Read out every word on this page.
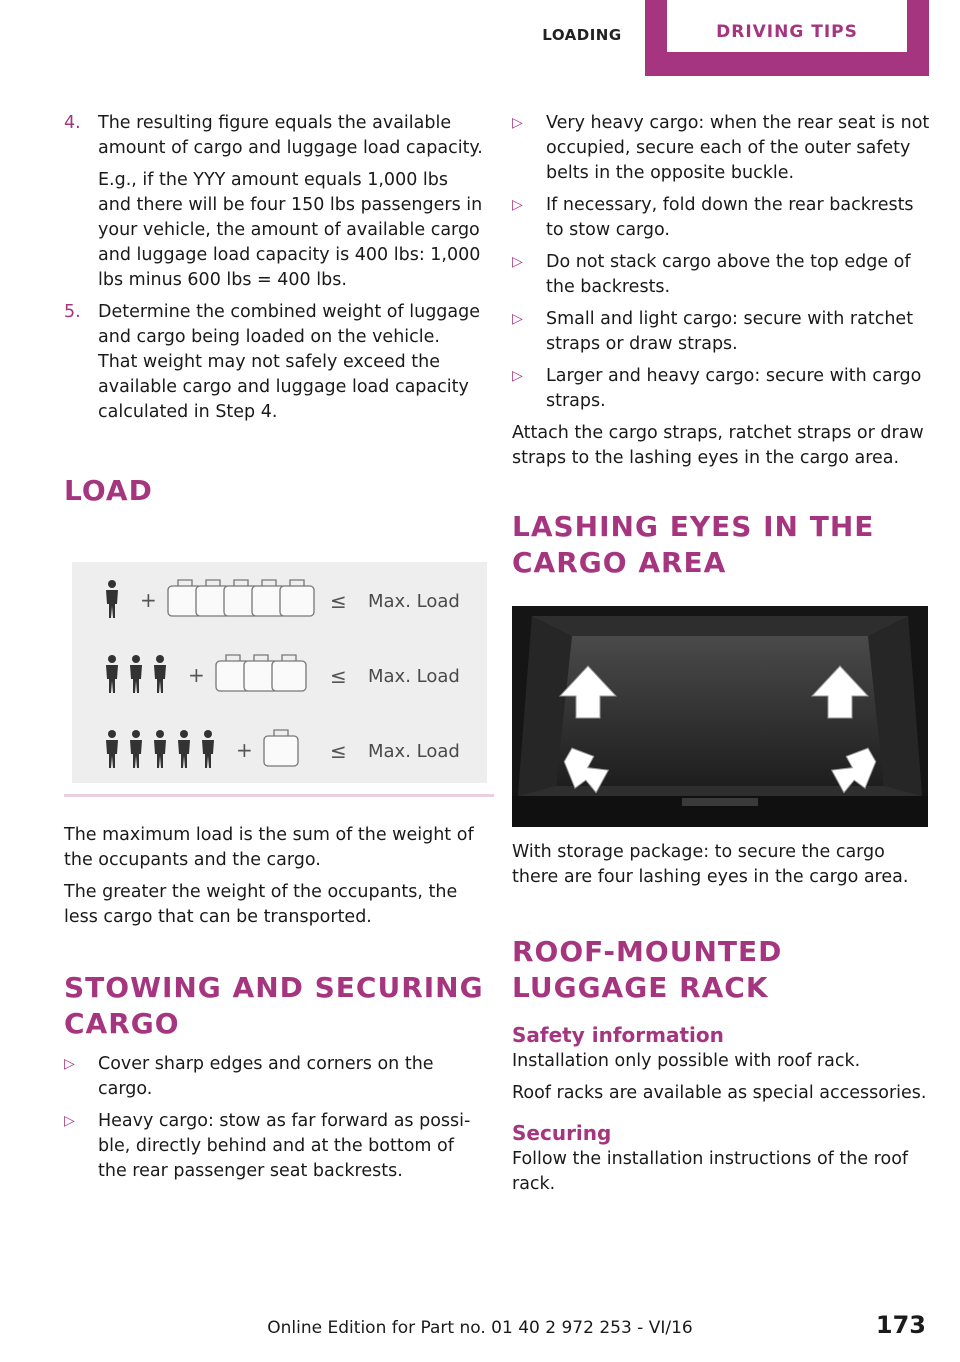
LOADING	DRIVING TIPS
4. The resulting figure equals the available amount of cargo and luggage load capacity.

E.g., if the YYY amount equals 1,000 lbs and there will be four 150 lbs passengers in your vehicle, the amount of available cargo and luggage load capacity is 400 lbs: 1,000 lbs minus 600 lbs = 400 lbs.

5. Determine the combined weight of luggage and cargo being loaded on the vehicle. That weight may not safely exceed the available cargo and luggage load capacity calculated in Step 4.

LOAD
+	≤ Max. Load
+	≤ Max. Load
+	≤ Max. Load

The maximum load is the sum of the weight of the occupants and the cargo.

The greater the weight of the occupants, the less cargo that can be transported.

STOWING AND SECURING CARGO
▷	Cover sharp edges and corners on the cargo.
▷	Heavy cargo: stow as far forward as possible, directly behind and at the bottom of the rear passenger seat backrests.
▷	Very heavy cargo: when the rear seat is not occupied, secure each of the outer safety belts in the opposite buckle.
▷	If necessary, fold down the rear backrests to stow cargo.
▷	Do not stack cargo above the top edge of the backrests.
▷	Small and light cargo: secure with ratchet straps or draw straps.
▷	Larger and heavy cargo: secure with cargo straps.

Attach the cargo straps, ratchet straps or draw straps to the lashing eyes in the cargo area.

LASHING EYES IN THE CARGO AREA

With storage package: to secure the cargo there are four lashing eyes in the cargo area.

ROOF-MOUNTED LUGGAGE RACK
Safety information

Installation only possible with roof rack.

Roof racks are available as special accessories.

Securing

Follow the installation instructions of the roof rack.

Online Edition for Part no. 01 40 2 972 253 - VI/16	173
